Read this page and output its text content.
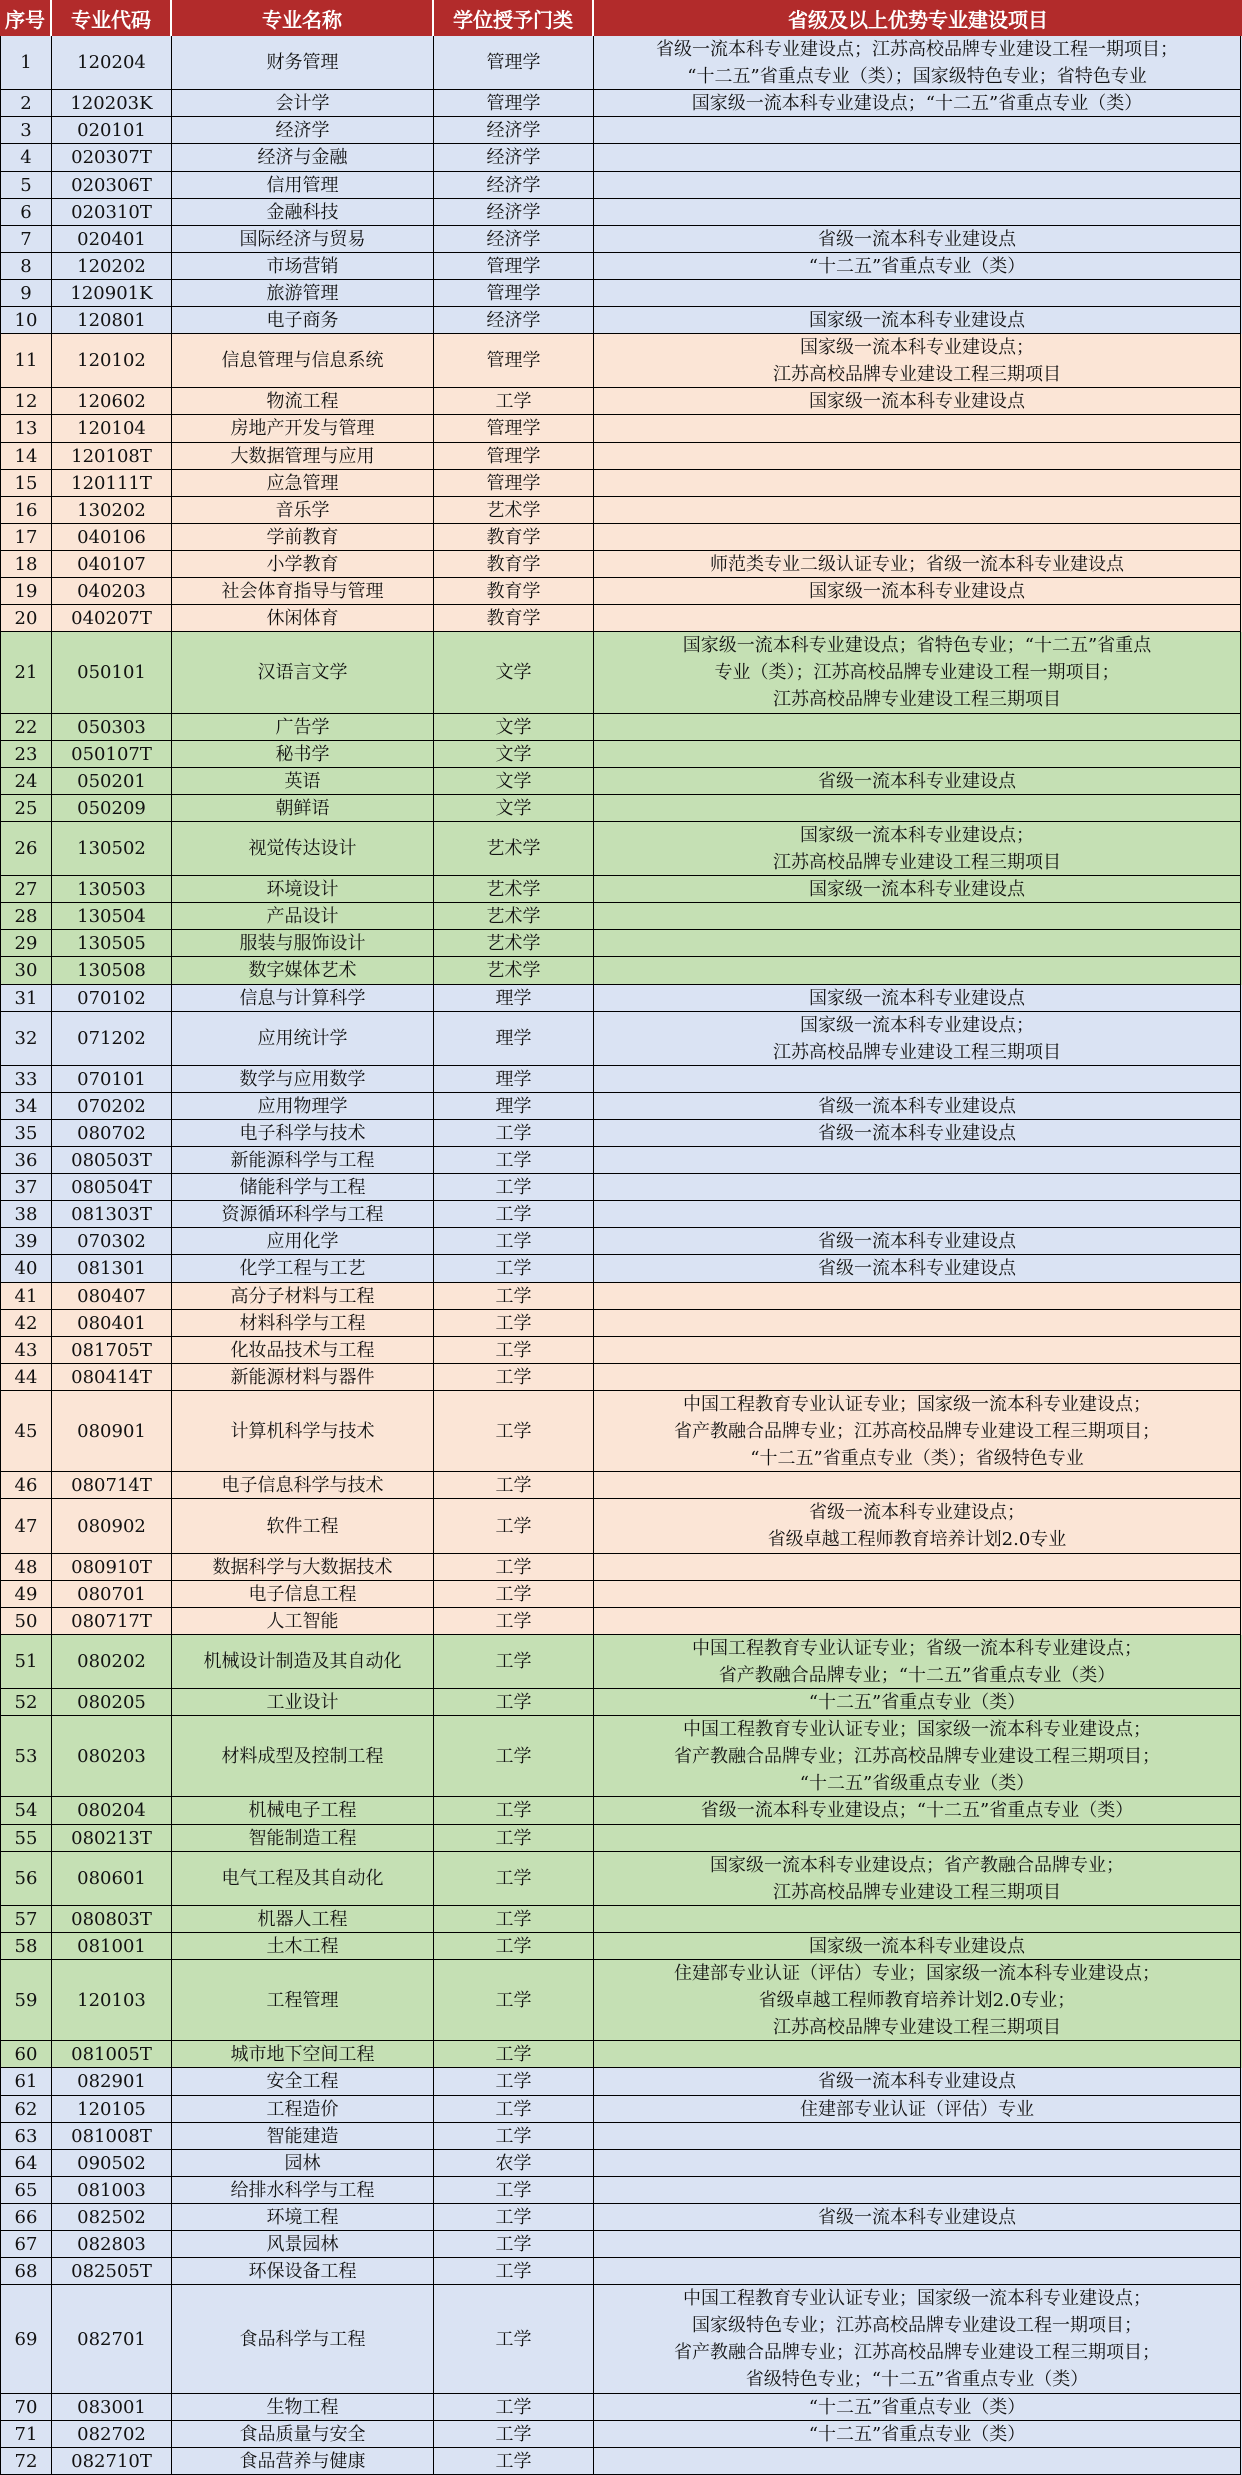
序号	专业代码	专业名称	学位授予门类	省级及以上优势专业建设项目
1	120204	财务管理	管理学
省级一流本科专业建设点；江苏高校品牌专业建设工程一期项目；
“十二五”省重点专业（类）；国家级特色专业；省特色专业
2	120203K	会计学	管理学	国家级一流本科专业建设点；“十二五”省重点专业（类）
3	020101	经济学	经济学
4	020307T	经济与金融	经济学
5	020306T	信用管理	经济学
6	020310T	金融科技	经济学
7	020401	国际经济与贸易	经济学	省级一流本科专业建设点
8	120202	市场营销	管理学	“十二五”省重点专业（类）
9	120901K	旅游管理	管理学
10	120801	电子商务	经济学	国家级一流本科专业建设点
11	120102	信息管理与信息系统	管理学
国家级一流本科专业建设点；
江苏高校品牌专业建设工程三期项目
12	120602	物流工程	工学	国家级一流本科专业建设点
13	120104	房地产开发与管理	管理学
14	120108T	大数据管理与应用	管理学
15	120111T	应急管理	管理学
16	130202	音乐学	艺术学
17	040106	学前教育	教育学
18	040107	小学教育	教育学	师范类专业二级认证专业；省级一流本科专业建设点
19	040203	社会体育指导与管理	教育学	国家级一流本科专业建设点
20	040207T	休闲体育	教育学
21	050101	汉语言文学	文学
国家级一流本科专业建设点；省特色专业；“十二五”省重点
专业（类）；江苏高校品牌专业建设工程一期项目；
江苏高校品牌专业建设工程三期项目
22	050303	广告学	文学
23	050107T	秘书学	文学
24	050201	英语	文学	省级一流本科专业建设点
25	050209	朝鲜语	文学
26	130502	视觉传达设计	艺术学
国家级一流本科专业建设点；
江苏高校品牌专业建设工程三期项目
27	130503	环境设计	艺术学	国家级一流本科专业建设点
28	130504	产品设计	艺术学
29	130505	服装与服饰设计	艺术学
30	130508	数字媒体艺术	艺术学
31	070102	信息与计算科学	理学	国家级一流本科专业建设点
32	071202	应用统计学	理学
国家级一流本科专业建设点；
江苏高校品牌专业建设工程三期项目
33	070101	数学与应用数学	理学
34	070202	应用物理学	理学	省级一流本科专业建设点
35	080702	电子科学与技术	工学	省级一流本科专业建设点
36	080503T	新能源科学与工程	工学
37	080504T	储能科学与工程	工学
38	081303T	资源循环科学与工程	工学
39	070302	应用化学	工学	省级一流本科专业建设点
40	081301	化学工程与工艺	工学	省级一流本科专业建设点
41	080407	高分子材料与工程	工学
42	080401	材料科学与工程	工学
43	081705T	化妆品技术与工程	工学
44	080414T	新能源材料与器件	工学
45	080901	计算机科学与技术	工学
中国工程教育专业认证专业；国家级一流本科专业建设点；
省产教融合品牌专业；江苏高校品牌专业建设工程三期项目；
“十二五”省重点专业（类）；省级特色专业
46	080714T	电子信息科学与技术	工学
47	080902	软件工程	工学
省级一流本科专业建设点；
省级卓越工程师教育培养计划2.0专业
48	080910T	数据科学与大数据技术	工学
49	080701	电子信息工程	工学
50	080717T	人工智能	工学
51	080202	机械设计制造及其自动化	工学
中国工程教育专业认证专业；省级一流本科专业建设点；
省产教融合品牌专业；“十二五”省重点专业（类）
52	080205	工业设计	工学	“十二五”省重点专业（类）
53	080203	材料成型及控制工程	工学
中国工程教育专业认证专业；国家级一流本科专业建设点；
省产教融合品牌专业；江苏高校品牌专业建设工程三期项目；
“十二五”省级重点专业（类）
54	080204	机械电子工程	工学	省级一流本科专业建设点；“十二五”省重点专业（类）
55	080213T	智能制造工程	工学
56	080601	电气工程及其自动化	工学
国家级一流本科专业建设点；省产教融合品牌专业；
江苏高校品牌专业建设工程三期项目
57	080803T	机器人工程	工学
58	081001	土木工程	工学	国家级一流本科专业建设点
59	120103	工程管理	工学
住建部专业认证（评估）专业；国家级一流本科专业建设点；
省级卓越工程师教育培养计划2.0专业；
江苏高校品牌专业建设工程三期项目
60	081005T	城市地下空间工程	工学
61	082901	安全工程	工学	省级一流本科专业建设点
62	120105	工程造价	工学	住建部专业认证（评估）专业
63	081008T	智能建造	工学
64	090502	园林	农学
65	081003	给排水科学与工程	工学
66	082502	环境工程	工学	省级一流本科专业建设点
67	082803	风景园林	工学
68	082505T	环保设备工程	工学
69	082701	食品科学与工程	工学
中国工程教育专业认证专业；国家级一流本科专业建设点；
国家级特色专业；江苏高校品牌专业建设工程一期项目；
省产教融合品牌专业；江苏高校品牌专业建设工程三期项目；
省级特色专业；“十二五”省重点专业（类）
70	083001	生物工程	工学	“十二五”省重点专业（类）
71	082702	食品质量与安全	工学	“十二五”省重点专业（类）
72	082710T	食品营养与健康	工学
